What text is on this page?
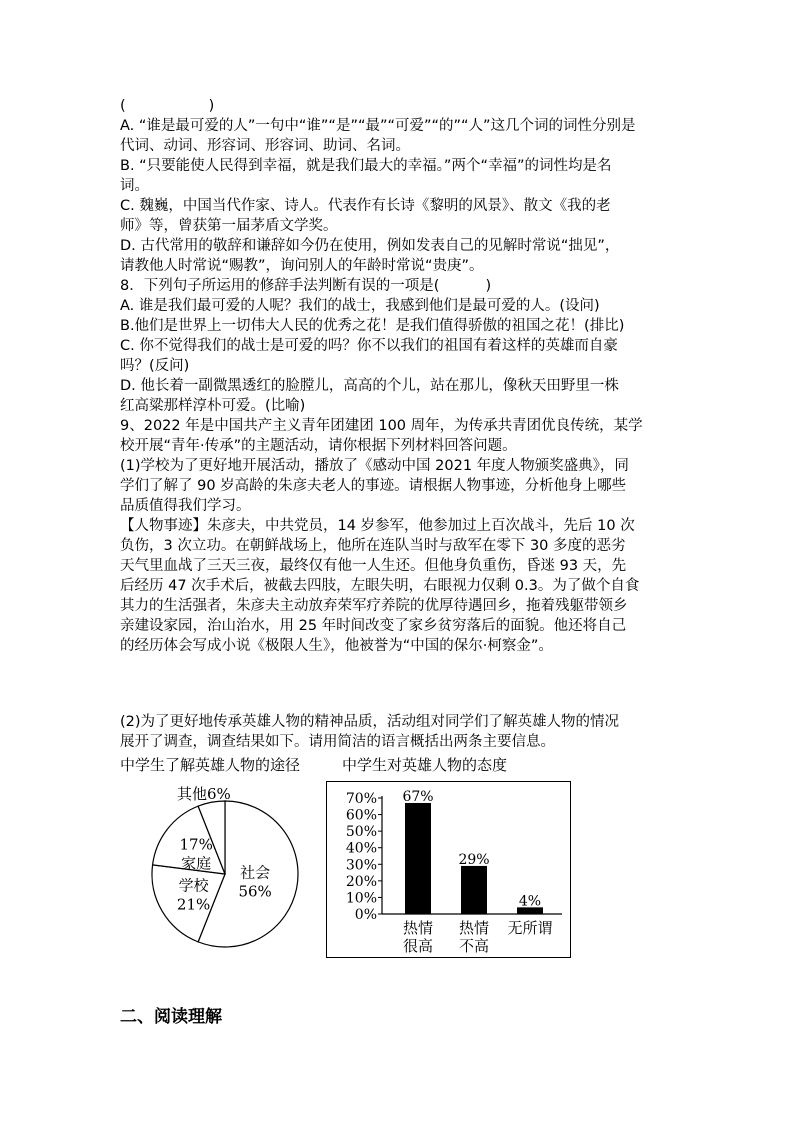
(                  )

A. “谁是最可爱的人”一句中“谁”“是”“最”“可爱”“的”“人”这几个词的词性分别是

代词、动词、形容词、形容词、助词、名词。

B. “只要能使人民得到幸福，就是我们最大的幸福。”两个“幸福”的词性均是名

词。

C. 魏巍，中国当代作家、诗人。代表作有长诗《黎明的风景》、散文《我的老

师》等，曾获第一届茅盾文学奖。

D. 古代常用的敬辞和谦辞如今仍在使用，例如发表自己的见解时常说“拙见”，

请教他人时常说“赐教”，询问别人的年龄时常说“贵庚”。

8．下列句子所运用的修辞手法判断有误的一项是(          )

A. 谁是我们最可爱的人呢？我们的战士，我感到他们是最可爱的人。(设问)

B.他们是世界上一切伟大人民的优秀之花！是我们值得骄傲的祖国之花！(排比)

C. 你不觉得我们的战士是可爱的吗？你不以我们的祖国有着这样的英雄而自豪

吗？(反问)

D. 他长着一副微黑透红的脸膛儿，高高的个儿，站在那儿，像秋天田野里一株

红高粱那样淳朴可爱。(比喻)

9、2022 年是中国共产主义青年团建团 100 周年，为传承共青团优良传统，某学

校开展“青年·传承”的主题活动，请你根据下列材料回答问题。

(1)学校为了更好地开展活动，播放了《感动中国 2021 年度人物颁奖盛典》，同

学们了解了 90 岁高龄的朱彦夫老人的事迹。请根据人物事迹，分析他身上哪些

品质值得我们学习。

【人物事迹】朱彦夫，中共党员，14 岁参军，他参加过上百次战斗，先后 10 次

负伤，3 次立功。在朝鲜战场上，他所在连队当时与敌军在零下 30 多度的恶劣

天气里血战了三天三夜，最终仅有他一人生还。但他身负重伤，昏迷 93 天，先

后经历 47 次手术后，被截去四肢，左眼失明，右眼视力仅剩 0.3。为了做个自食

其力的生活强者，朱彦夫主动放弃荣军疗养院的优厚待遇回乡，拖着残躯带领乡

亲建设家园，治山治水，用 25 年时间改变了家乡贫穷落后的面貌。他还将自己

的经历体会写成小说《极限人生》，他被誉为“中国的保尔·柯察金”。

(2)为了更好地传承英雄人物的精神品质，活动组对同学们了解英雄人物的情况

展开了调查，调查结果如下。请用简洁的语言概括出两条主要信息。

中学生了解英雄人物的途径	中学生对英雄人物的态度
社会
56%
学校
21%
17%
家庭
其他6%
0%
10%
20%
30%
40%
50%
60%
70% 67%
热情
很高
29%
热情
不高
4%
无所谓
二、阅读理解
